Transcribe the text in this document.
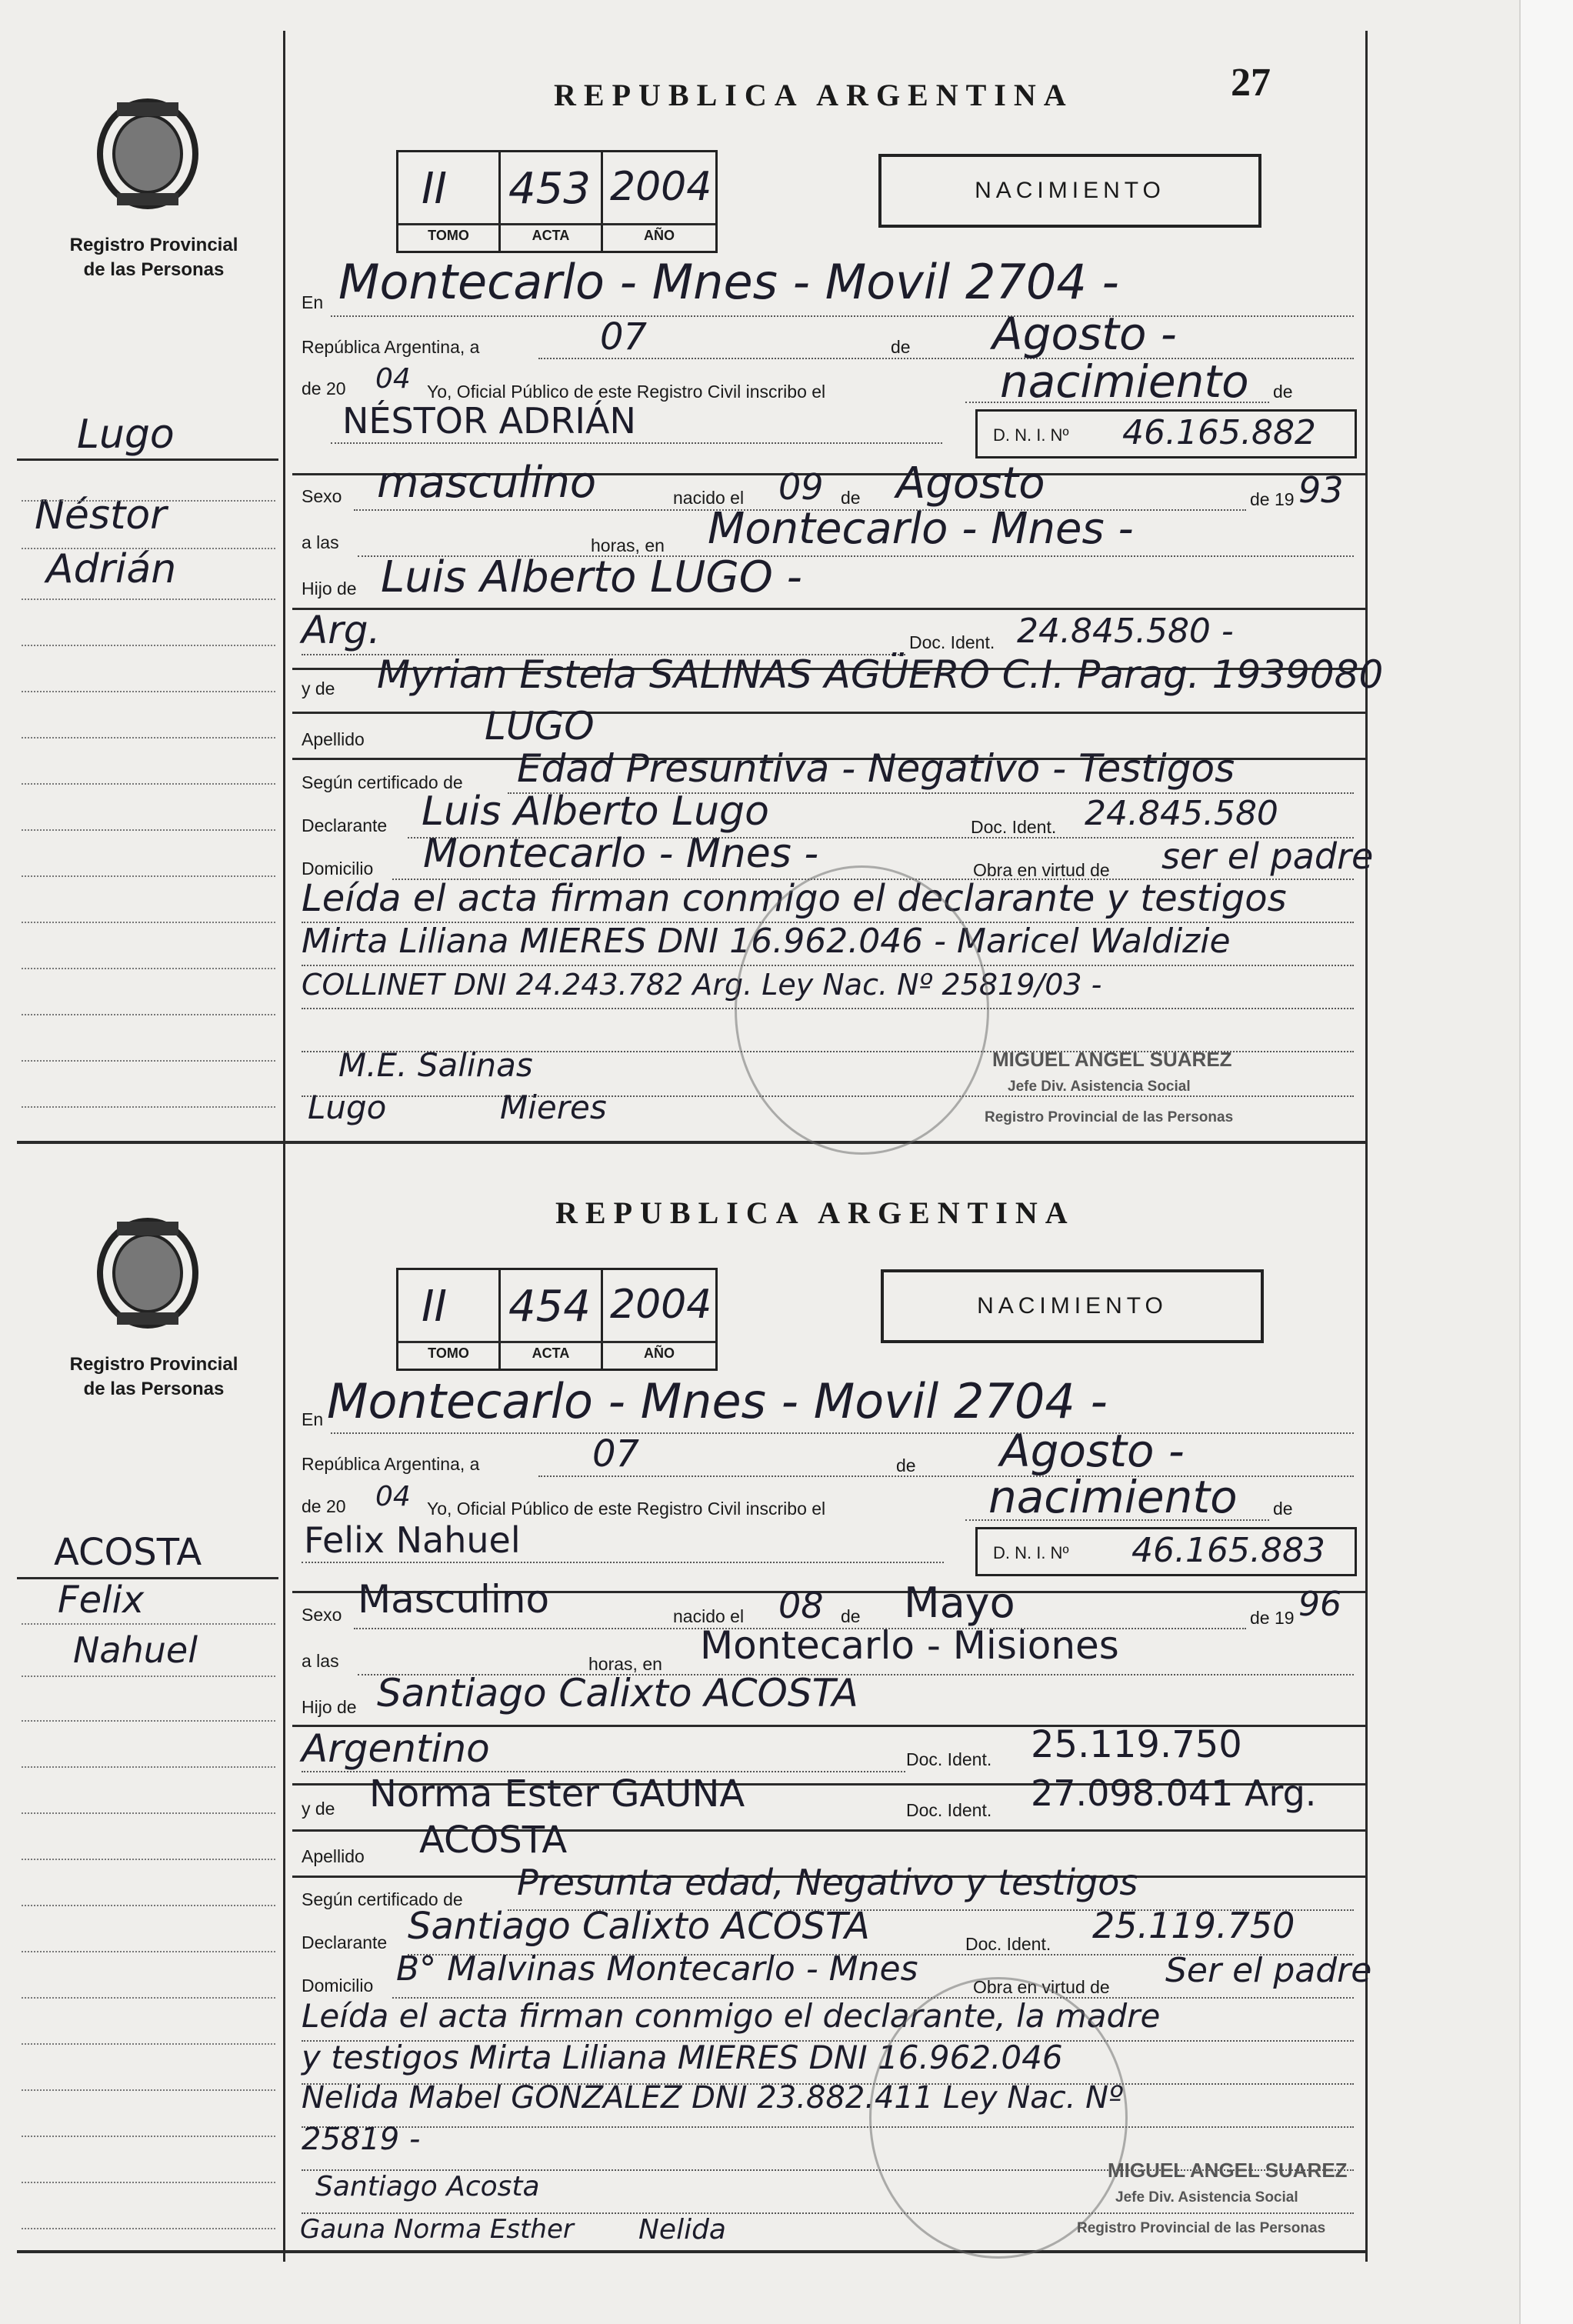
27
Registro Provincial
de las Personas
Lugo
Néstor
Adrián
REPUBLICA ARGENTINA
II 453 2004
TOMO	ACTA	AÑO
NACIMIENTO
En Montecarlo - Mnes - Movil 2704 -
República Argentina, a	de
07	Agosto -
de 20 04 Yo, Oficial Público de este Registro Civil inscribo el	nacimiento de
NÉSTOR ADRIÁN	D. N. I. Nº 46.165.882
Sexo masculino	nacido el 09 de Agosto	de 19 93
a las	horas, en Montecarlo - Mnes -
Hijo de Luis Alberto LUGO -
Arg.	Doc. Ident. 24.845.580 -
y de Myrian Estela SALINAS AGÜERO C.I. Parag. 1939080
Apellido	LUGO
Según certificado de Edad Presuntiva - Negativo - Testigos
Declarante Luis Alberto Lugo	Doc. Ident. 24.845.580
Domicilio Montecarlo - Mnes -	Obra en virtud de ser el padre
Leída el acta firman conmigo el declarante y testigos
Mirta Liliana MIERES DNI 16.962.046 - Maricel Waldizie
COLLINET DNI 24.243.782 Arg. Ley Nac. Nº 25819/03 -
M.E. Salinas
Lugo	Mieres
MIGUEL ANGEL SUAREZ
Jefe Div. Asistencia Social
Registro Provincial de las Personas
Registro Provincial
de las Personas
ACOSTA
Felix
Nahuel
REPUBLICA ARGENTINA
II 454 2004
TOMO	ACTA	AÑO
NACIMIENTO
En Montecarlo - Mnes - Movil 2704 -
República Argentina, a	de
07	Agosto -
de 20 04 Yo, Oficial Público de este Registro Civil inscribo el	nacimiento de
Felix Nahuel	D. N. I. Nº 46.165.883
Sexo Masculino	nacido el 08 de Mayo	de 19 96
a las	horas, en Montecarlo - Misiones
Hijo de Santiago Calixto ACOSTA
Argentino	Doc. Ident. 25.119.750
y de Norma Ester GAUNA	Doc. Ident. 27.098.041 Arg.
Apellido ACOSTA
Según certificado de Presunta edad, Negativo y testigos
Declarante Santiago Calixto ACOSTA	Doc. Ident. 25.119.750
Domicilio B° Malvinas Montecarlo - Mnes	Obra en virtud de Ser el padre
Leída el acta firman conmigo el declarante, la madre
y testigos Mirta Liliana MIERES DNI 16.962.046
Nelida Mabel GONZALEZ DNI 23.882.411 Ley Nac. Nº
25819 -
Santiago Acosta
Gauna Norma Esther Nelida
MIGUEL ANGEL SUAREZ
Jefe Div. Asistencia Social
Registro Provincial de las Personas
